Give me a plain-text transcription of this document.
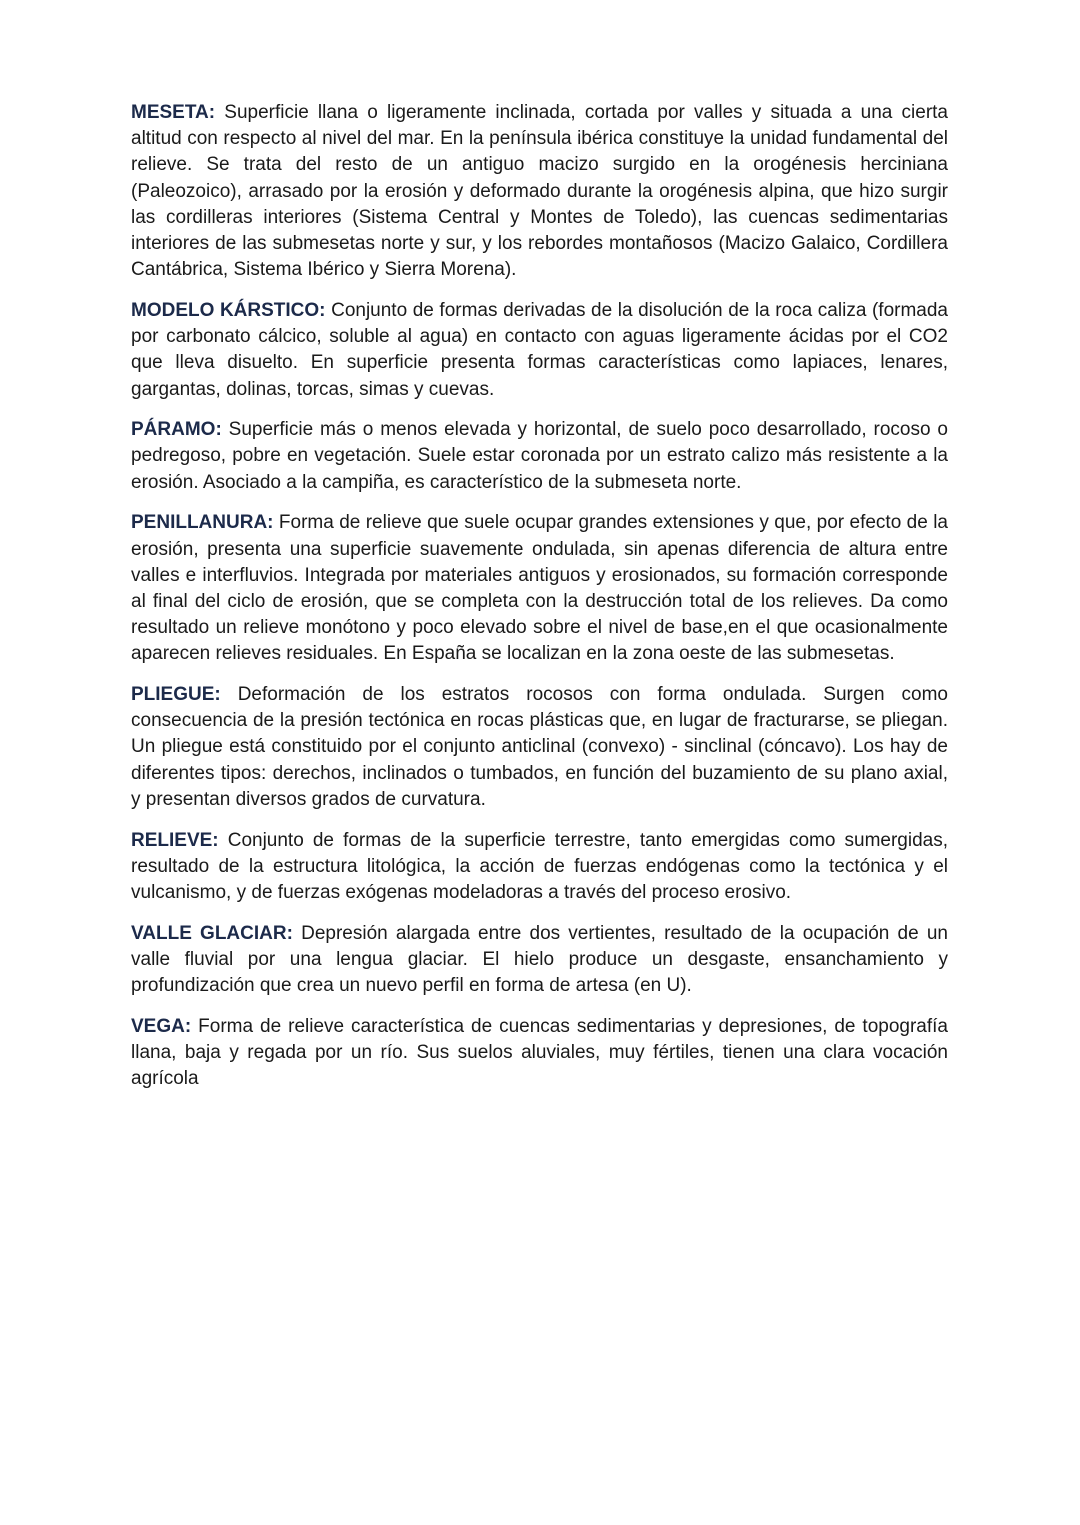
MESETA: Superficie llana o ligeramente inclinada, cortada por valles y situada a una cierta altitud con respecto al nivel del mar. En la península ibérica constituye la unidad fundamental del relieve. Se trata del resto de un antiguo macizo surgido en la orogénesis herciniana (Paleozoico), arrasado por la erosión y deformado durante la orogénesis alpina, que hizo surgir las cordilleras interiores (Sistema Central y Montes de Toledo), las cuencas sedimentarias interiores de las submesetas norte y sur, y los rebordes montañosos (Macizo Galaico, Cordillera Cantábrica, Sistema Ibérico y Sierra Morena).

MODELO KÁRSTICO: Conjunto de formas derivadas de la disolución de la roca caliza (formada por carbonato cálcico, soluble al agua) en contacto con aguas ligeramente ácidas por el CO2 que lleva disuelto. En superficie presenta formas características como lapiaces, lenares, gargantas, dolinas, torcas, simas y cuevas.

PÁRAMO: Superficie más o menos elevada y horizontal, de suelo poco desarrollado, rocoso o pedregoso, pobre en vegetación. Suele estar coronada por un estrato calizo más resistente a la erosión. Asociado a la campiña, es característico de la submeseta norte.

PENILLANURA: Forma de relieve que suele ocupar grandes extensiones y que, por efecto de la erosión, presenta una superficie suavemente ondulada, sin apenas diferencia de altura entre valles e interfluvios. Integrada por materiales antiguos y erosionados, su formación corresponde al final del ciclo de erosión, que se completa con la destrucción total de los relieves. Da como resultado un relieve monótono y poco elevado sobre el nivel de base,en el que ocasionalmente aparecen relieves residuales. En España se localizan en la zona oeste de las submesetas.

PLIEGUE: Deformación de los estratos rocosos con forma ondulada. Surgen como consecuencia de la presión tectónica en rocas plásticas que, en lugar de fracturarse, se pliegan. Un pliegue está constituido por el conjunto anticlinal (convexo) - sinclinal (cóncavo). Los hay de diferentes tipos: derechos, inclinados o tumbados, en función del buzamiento de su plano axial, y presentan diversos grados de curvatura.

RELIEVE: Conjunto de formas de la superficie terrestre, tanto emergidas como sumergidas, resultado de la estructura litológica, la acción de fuerzas endógenas como la tectónica y el vulcanismo, y de fuerzas exógenas modeladoras a través del proceso erosivo.

VALLE GLACIAR: Depresión alargada entre dos vertientes, resultado de la ocupación de un valle fluvial por una lengua glaciar. El hielo produce un desgaste, ensanchamiento y profundización que crea un nuevo perfil en forma de artesa (en U).

VEGA: Forma de relieve característica de cuencas sedimentarias y depresiones, de topografía llana, baja y regada por un río. Sus suelos aluviales, muy fértiles, tienen una clara vocación agrícola
